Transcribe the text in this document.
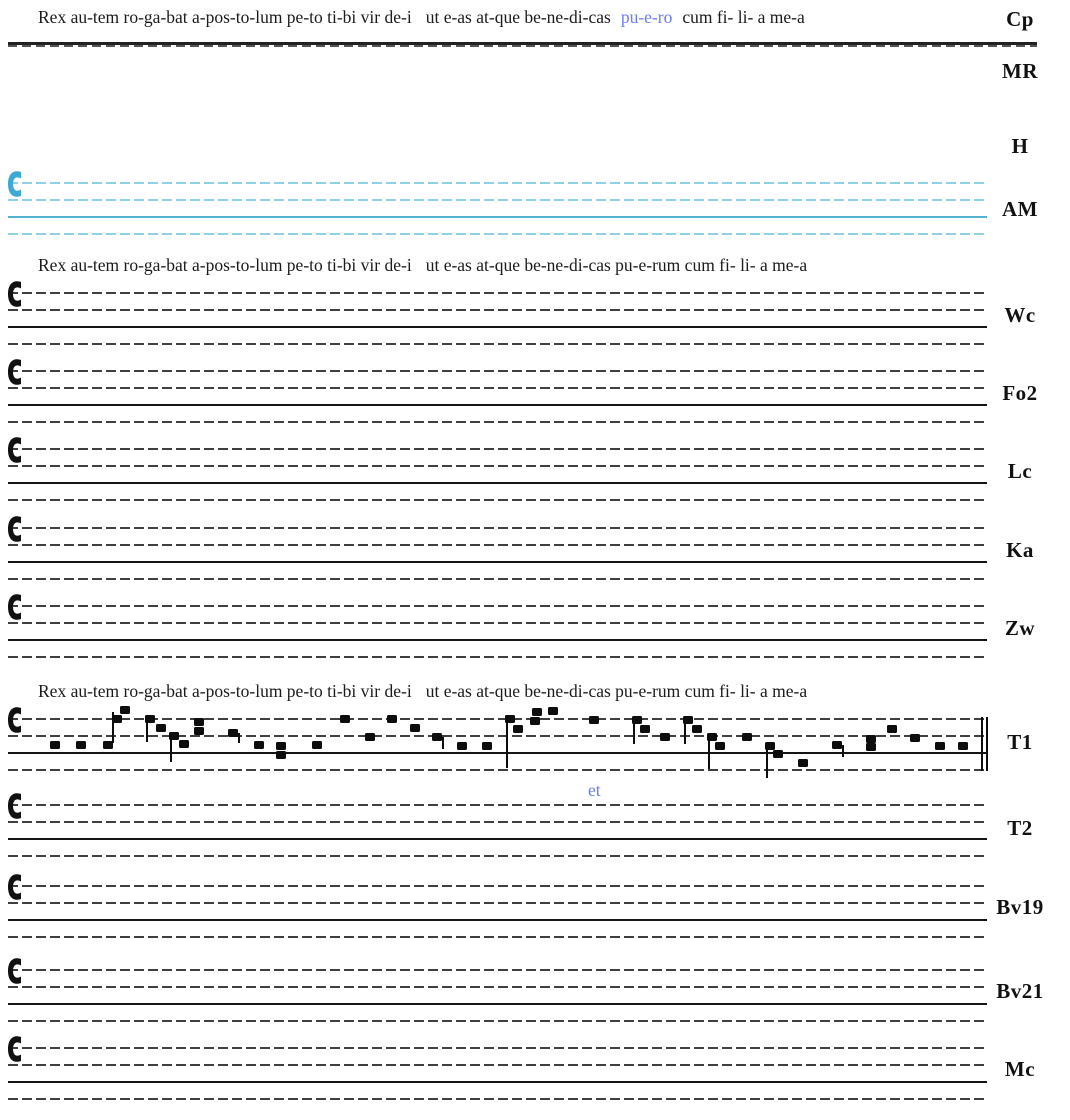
Cp
Rex au-tem ro-ga-bat a-pos-to-lum pe-to ti-bi vir de-i ut e-as at-que be-ne-di-cas pu-e-ro cum fi- li- a me-a
MR
H
AM
Wc
Rex au-tem ro-ga-bat a-pos-to-lum pe-to ti-bi vir de-i ut e-as at-que be-ne-di-cas pu-e-rum cum fi- li- a me-a
Fo2
Lc
Ka
Zw
T1
Rex au-tem ro-ga-bat a-pos-to-lum pe-to ti-bi vir de-i ut e-as at-que be-ne-di-cas pu-e-rum cum fi- li- a me-a
T2
et
Bv19
Bv21
Mc
